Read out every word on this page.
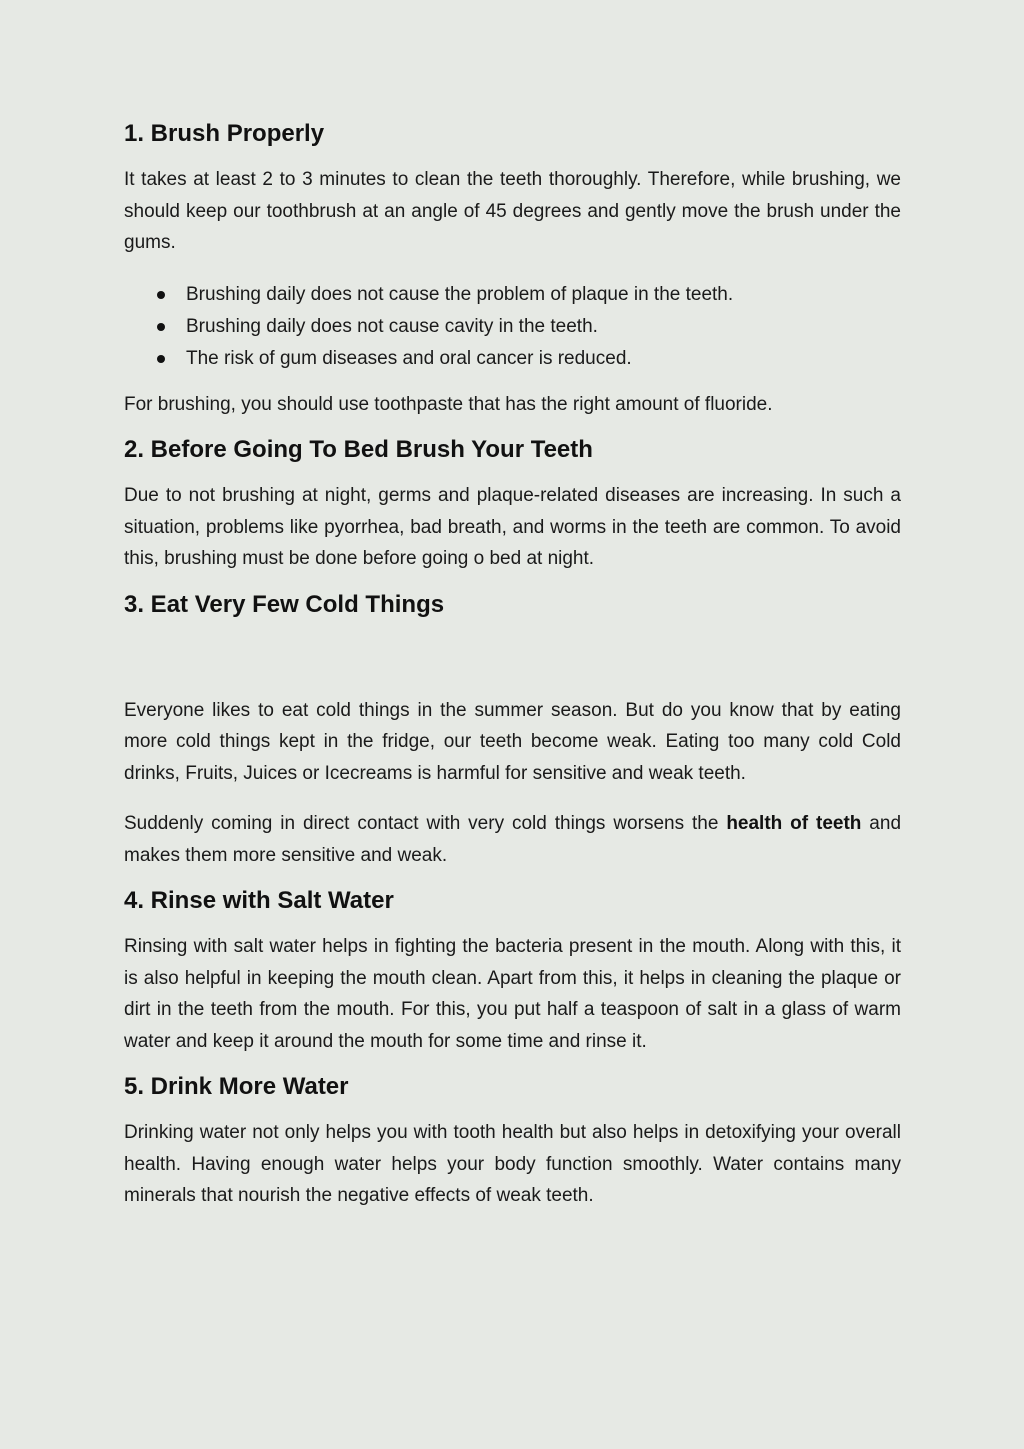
1. Brush Properly

It takes at least 2 to 3 minutes to clean the teeth thoroughly. Therefore, while brushing, we should keep our toothbrush at an angle of 45 degrees and gently move the brush under the gums.

Brushing daily does not cause the problem of plaque in the teeth.
Brushing daily does not cause cavity in the teeth.
The risk of gum diseases and oral cancer is reduced.

For brushing, you should use toothpaste that has the right amount of fluoride.

2. Before Going To Bed Brush Your Teeth

Due to not brushing at night, germs and plaque-related diseases are increasing. In such a situation, problems like pyorrhea, bad breath, and worms in the teeth are common. To avoid this, brushing must be done before going o bed at night.

3. Eat Very Few Cold Things

Everyone likes to eat cold things in the summer season. But do you know that by eating more cold things kept in the fridge, our teeth become weak. Eating too many cold Cold drinks, Fruits, Juices or Icecreams is harmful for sensitive and weak teeth.

Suddenly coming in direct contact with very cold things worsens the health of teeth and makes them more sensitive and weak.

4. Rinse with Salt Water

Rinsing with salt water helps in fighting the bacteria present in the mouth. Along with this, it is also helpful in keeping the mouth clean. Apart from this, it helps in cleaning the plaque or dirt in the teeth from the mouth. For this, you put half a teaspoon of salt in a glass of warm water and keep it around the mouth for some time and rinse it.

5. Drink More Water

Drinking water not only helps you with tooth health but also helps in detoxifying your overall health. Having enough water helps your body function smoothly. Water contains many minerals that nourish the negative effects of weak teeth.
